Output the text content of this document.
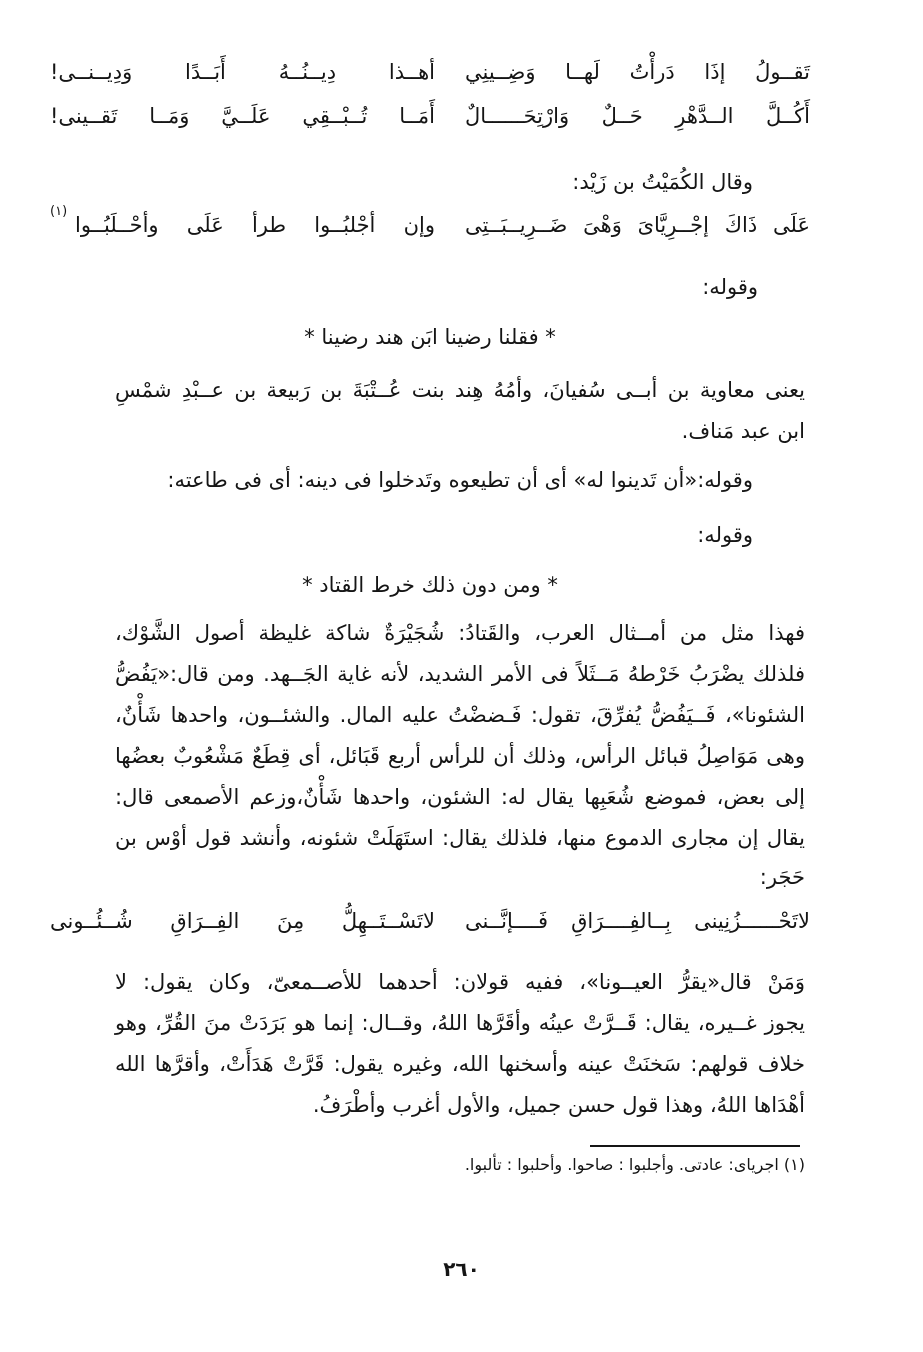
تَقــولُ إذَا دَرأْتُ لَهــا وَضِــينِي
أهــذا دِيــنُــهُ أَبَــدًا وَدِيــنــى!
أَكُــلَّ الــدَّهْرِ حَــلٌ وَارْتِحَــــــالٌ
أَمَــا تُــبْــقِي عَلَــيَّ وَمَــا تَقــينى!
وقال الكُمَيْتُ بن زَيْد:
عَلَى ذَاكَ إجْــرِيَّاىَ وَهْىَ ضَــرِيــبَــتِى
وإن أجْلبُــوا طرأ عَلَى وأحْــلَبُــوا
(١)
وقوله:
* فقلنا رضينا ابَن هند رضينا *
يعنى معاوية بن أبــى سُفيانَ، وأمُهُ هِند بنت عُــتْبَةَ بن رَبيعة بن عــبْدِ شمْسِ
ابن عبد مَناف.
وقوله:«أن تَدينوا له» أى أن تطيعوه وتَدخلوا فى دينه: أى فى طاعته:
وقوله:
* ومن دون ذلك خرط القتاد *
فهذا مثل من أمــثال العرب، والقَتادُ: شُجَيْرَةٌ شاكة غليظة أصول الشَّوْك،
فلذلك يضْرَبُ خَرْطهُ مَــثَلاً فى الأمر الشديد، لأنه غاية الجَــهد. ومن قال:«يَفُضُّ
الشئونا»، فَــيَفُضُّ يُفرِّقَ، تقول: فَـضضْتُ عليه المال. والشئــون، واحدها شَأْنٌ،
وهى مَوَاصِلُ قبائل الرأس، وذلك أن للرأس أربع قَبَائل، أى قِطَعٌ مَشْعُوبٌ بعضُها
إلى بعض، فموضع شُعَبِها يقال له: الشئون، واحدها شَأْنٌ،وزعم الأصمعى قال:
يقال إن مجارى الدموع منها، فلذلك يقال: استَهَلَتْ شئونه، وأنشد قول أوْس بن
حَجَر:
لاتَحْــــــزُنِينى بِــالفِــــرَاقِ فَــــإنَّــنى
لاتَسْــتَــهِلُّ مِنَ الفِــرَاقِ شُــئُــونى
وَمَنْ قال«يقرُّ العيــونا»، ففيه قولان: أحدهما للأصــمعىّ، وكان يقول: لا
يجوز غــيره، يقال: قَــرَّتْ عينُه وأقَرَّها اللهُ، وقــال: إنما هو بَرَدَتْ منَ القُرِّ، وهو
خلاف قولهم: سَخنَتْ عينه وأسخنها الله، وغيره يقول: قَرَّتْ هَدَأَتْ، وأقرَّها الله
أهْدَاها اللهُ، وهذا قول حسن جميل، والأول أغرب وأطْرَفُ.
(١) اجرياى: عادتى. وأجلبوا : صاحوا. وأحلبوا : تألبوا.
٢٦٠
